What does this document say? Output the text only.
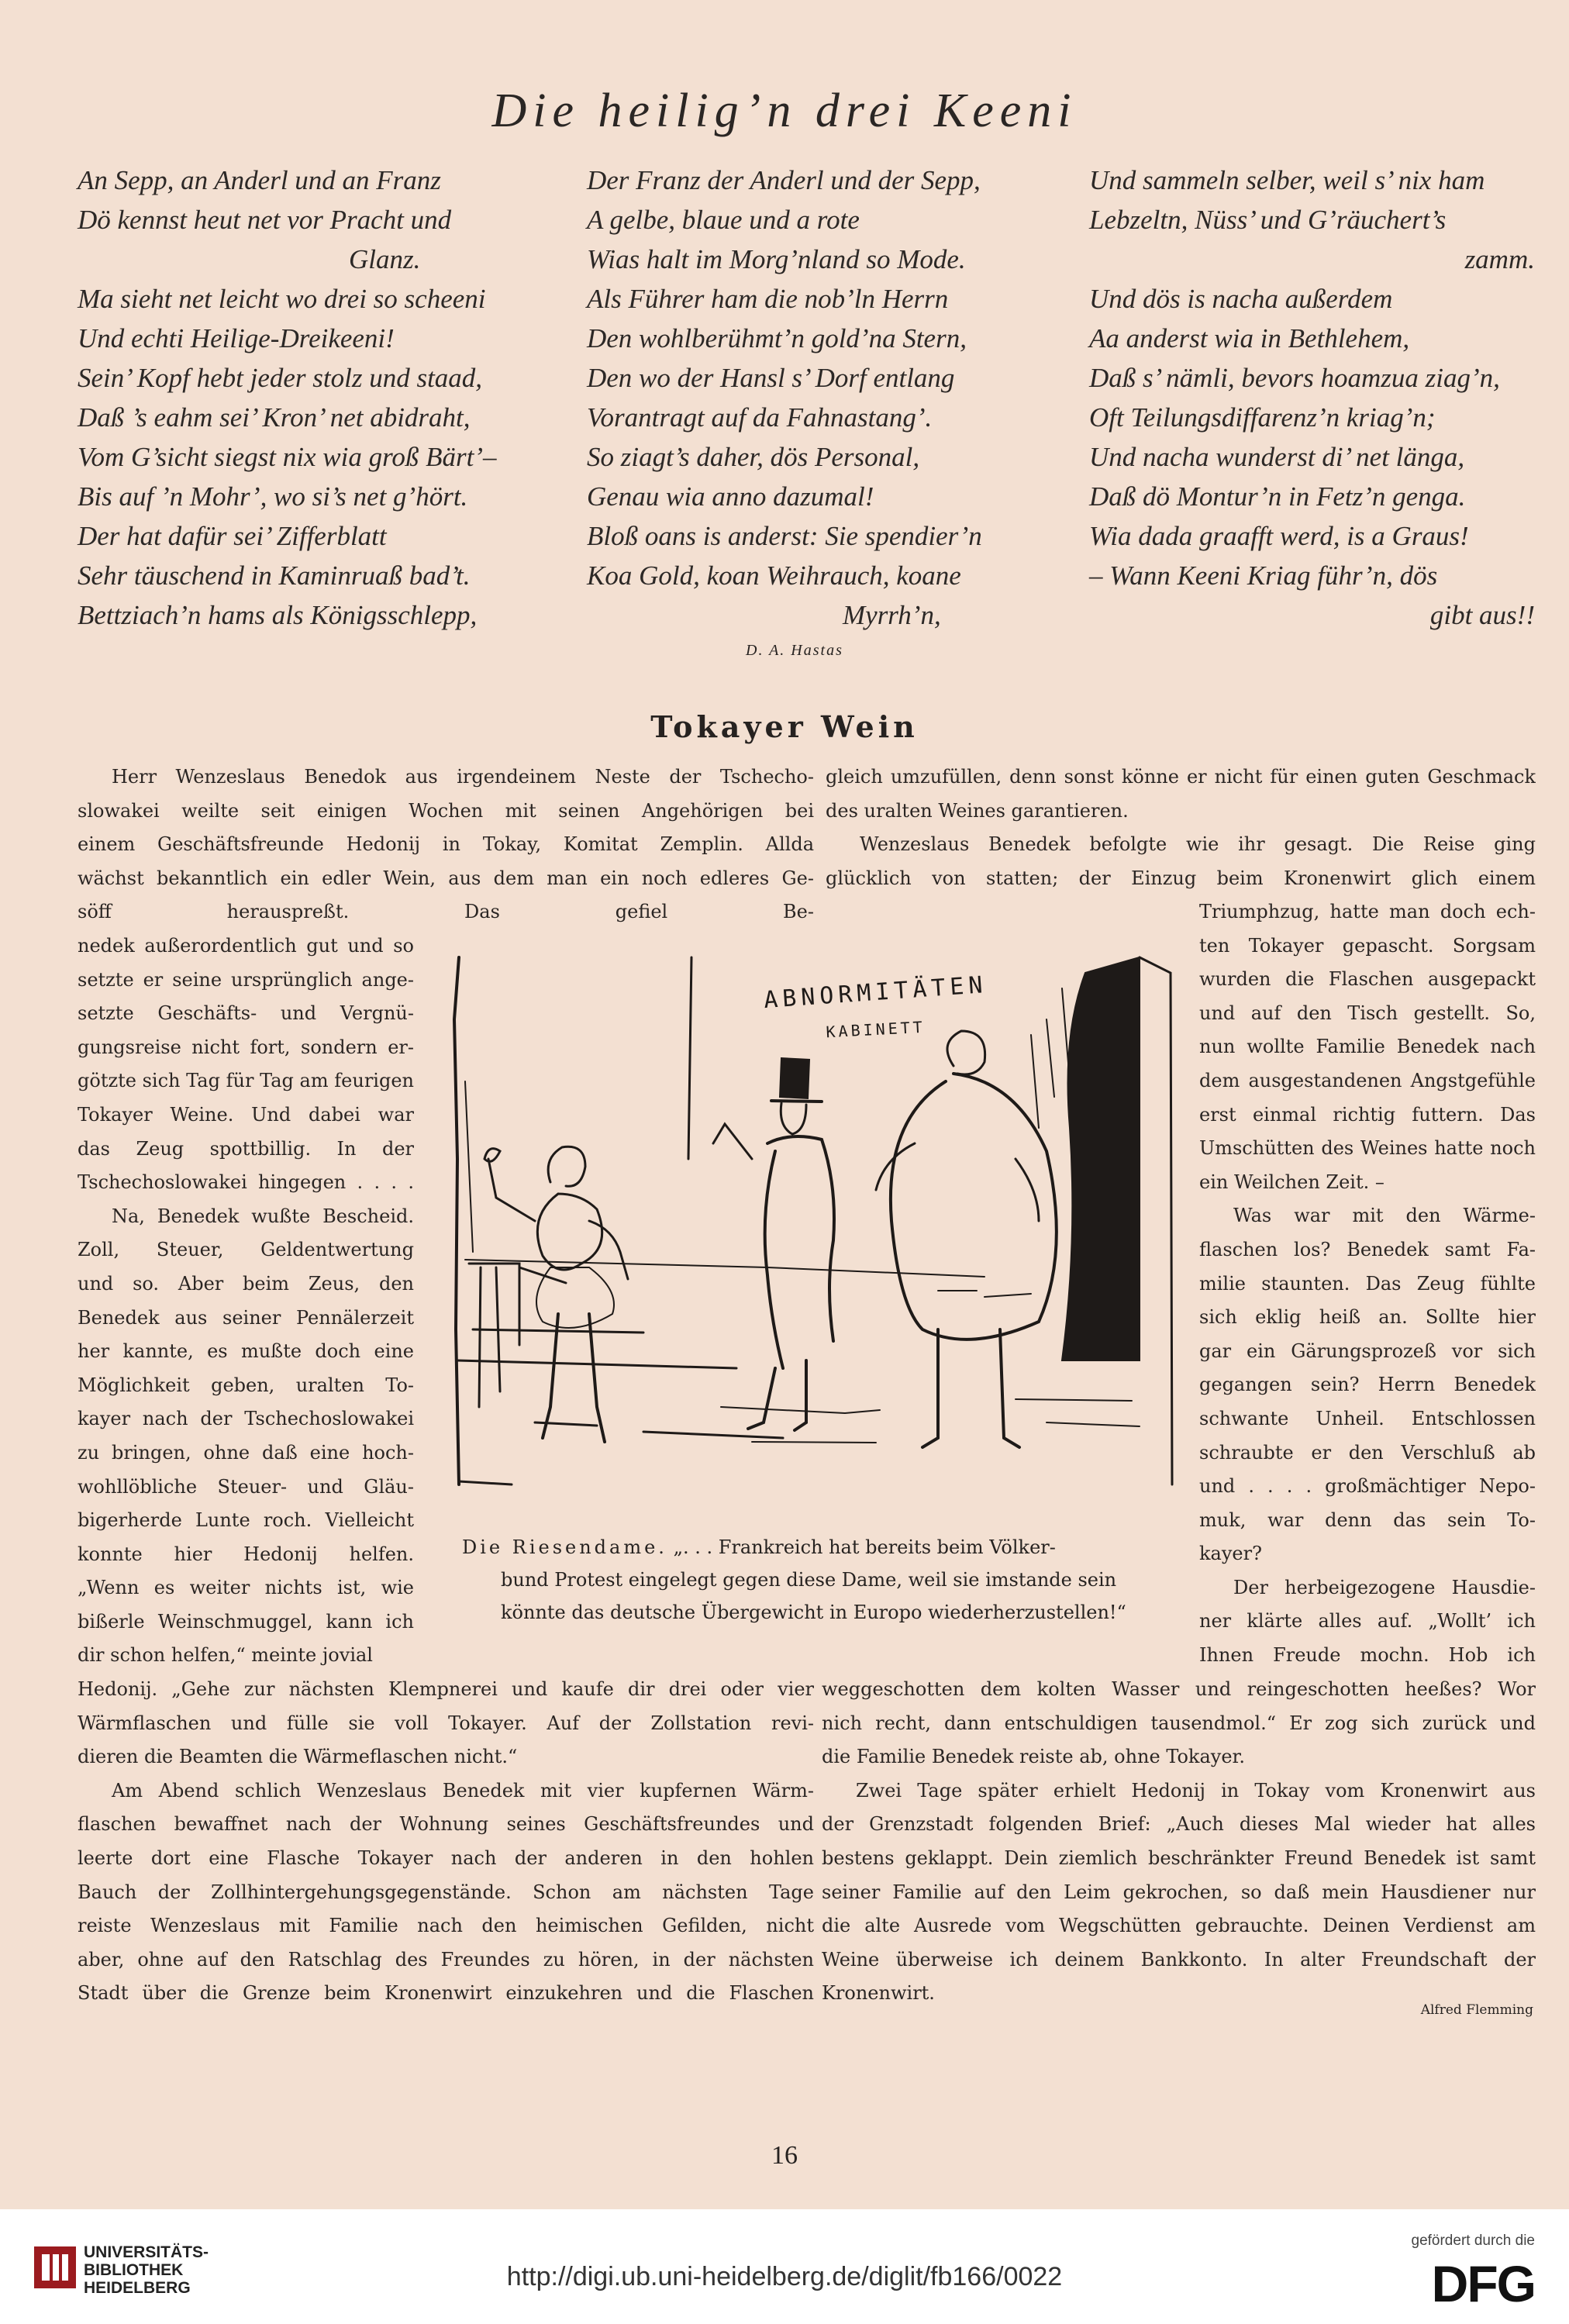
Die heilig’n drei Keeni
An Sepp, an Anderl und an Franz
Dö kennst heut net vor Pracht und
Glanz.
Ma sieht net leicht wo drei so scheeni
Und echti Heilige-Dreikeeni!
Sein’ Kopf hebt jeder stolz und staad,
Daß ’s eahm sei’ Kron’ net abidraht,
Vom G’sicht siegst nix wia groß Bärt’–
Bis auf ’n Mohr’, wo si’s net g’hört.
Der hat dafür sei’ Zifferblatt
Sehr täuschend in Kaminruaß bad’t.
Bettziach’n hams als Königsschlepp,
Der Franz der Anderl und der Sepp,
A gelbe, blaue und a rote
Wias halt im Morg’nland so Mode.
Als Führer ham die nob’ln Herrn
Den wohlberühmt’n gold’na Stern,
Den wo der Hansl s’ Dorf entlang
Vorantragt auf da Fahnastang’.
So ziagt’s daher, dös Personal,
Genau wia anno dazumal!
Bloß oans is anderst: Sie spendier’n
Koa Gold, koan Weihrauch, koane
Myrrh’n,
Und sammeln selber, weil s’ nix ham
Lebzeltn, Nüss’ und G’räuchert’s
zamm.
Und dös is nacha außerdem
Aa anderst wia in Bethlehem,
Daß s’ nämli, bevors hoamzua ziag’n,
Oft Teilungsdiffarenz’n kriag’n;
Und nacha wunderst di’ net länga,
Daß dö Montur’n in Fetz’n genga.
Wia dada graafft werd, is a Graus!
– Wann Keeni Kriag führ’n, dös
gibt aus!!
D. A. Hastas
Tokayer Wein
Herr Wenzeslaus Benedok aus irgendeinem Neste der Tschecho-
slowakei weilte seit einigen Wochen mit seinen Angehörigen bei
einem Geschäftsfreunde Hedonij in Tokay, Komitat Zemplin. Allda
wächst bekanntlich ein edler Wein, aus dem man ein noch edleres Ge-
söff herauspreßt. Das gefiel Be-
nedek außerordentlich gut und so
setzte er seine ursprünglich ange-
setzte Geschäfts- und Vergnü-
gungsreise nicht fort, sondern er-
götzte sich Tag für Tag am feurigen
Tokayer Weine. Und dabei war
das Zeug spottbillig. In der
Tschechoslowakei hingegen . . . .
Na, Benedek wußte Bescheid.
Zoll, Steuer, Geldentwertung
und so. Aber beim Zeus, den
Benedek aus seiner Pennälerzeit
her kannte, es mußte doch eine
Möglichkeit geben, uralten To-
kayer nach der Tschechoslowakei
zu bringen, ohne daß eine hoch-
wohllöbliche Steuer- und Gläu-
bigerherde Lunte roch. Vielleicht
konnte hier Hedonij helfen.
„Wenn es weiter nichts ist, wie
bißerle Weinschmuggel, kann ich
dir schon helfen,“ meinte jovial
Hedonij. „Gehe zur nächsten Klempnerei und kaufe dir drei oder vier
Wärmflaschen und fülle sie voll Tokayer. Auf der Zollstation revi-
dieren die Beamten die Wärmeflaschen nicht.“
Am Abend schlich Wenzeslaus Benedek mit vier kupfernen Wärm-
flaschen bewaffnet nach der Wohnung seines Geschäftsfreundes und
leerte dort eine Flasche Tokayer nach der anderen in den hohlen
Bauch der Zollhintergehungsgegenstände. Schon am nächsten Tage
reiste Wenzeslaus mit Familie nach den heimischen Gefilden, nicht
aber, ohne auf den Ratschlag des Freundes zu hören, in der nächsten
Stadt über die Grenze beim Kronenwirt einzukehren und die Flaschen
gleich umzufüllen, denn sonst könne er nicht für einen guten Geschmack
des uralten Weines garantieren.
Wenzeslaus Benedek befolgte wie ihr gesagt. Die Reise ging
glücklich von statten; der Einzug beim Kronenwirt glich einem
Triumphzug, hatte man doch ech-
ten Tokayer gepascht. Sorgsam
wurden die Flaschen ausgepackt
und auf den Tisch gestellt. So,
nun wollte Familie Benedek nach
dem ausgestandenen Angstgefühle
erst einmal richtig futtern. Das
Umschütten des Weines hatte noch
ein Weilchen Zeit. –
Was war mit den Wärme-
flaschen los? Benedek samt Fa-
milie staunten. Das Zeug fühlte
sich eklig heiß an. Sollte hier
gar ein Gärungsprozeß vor sich
gegangen sein? Herrn Benedek
schwante Unheil. Entschlossen
schraubte er den Verschluß ab
und . . . . großmächtiger Nepo-
muk, war denn das sein To-
kayer?
Der herbeigezogene Hausdie-
ner klärte alles auf. „Wollt’ ich
Ihnen Freude mochn. Hob ich
weggeschotten dem kolten Wasser und reingeschotten heeßes? Wor
nich recht, dann entschuldigen tausendmol.“ Er zog sich zurück und
die Familie Benedek reiste ab, ohne Tokayer.
Zwei Tage später erhielt Hedonij in Tokay vom Kronenwirt aus
der Grenzstadt folgenden Brief: „Auch dieses Mal wieder hat alles
bestens geklappt. Dein ziemlich beschränkter Freund Benedek ist samt
seiner Familie auf den Leim gekrochen, so daß mein Hausdiener nur
die alte Ausrede vom Wegschütten gebrauchte. Deinen Verdienst am
Weine überweise ich deinem Bankkonto. In alter Freundschaft der
Kronenwirt.
Alfred Flemming
ABNORMITÄTEN
KABINETT
Die Riesendame. „. . . Frankreich hat bereits beim Völker-
bund Protest eingelegt gegen diese Dame, weil sie imstande sein
könnte das deutsche Übergewicht in Europo wiederherzustellen!“
16
UNIVERSITÄTS-
BIBLIOTHEK
HEIDELBERG	http://digi.ub.uni-heidelberg.de/diglit/fb166/0022
gefördert durch die
DFG
